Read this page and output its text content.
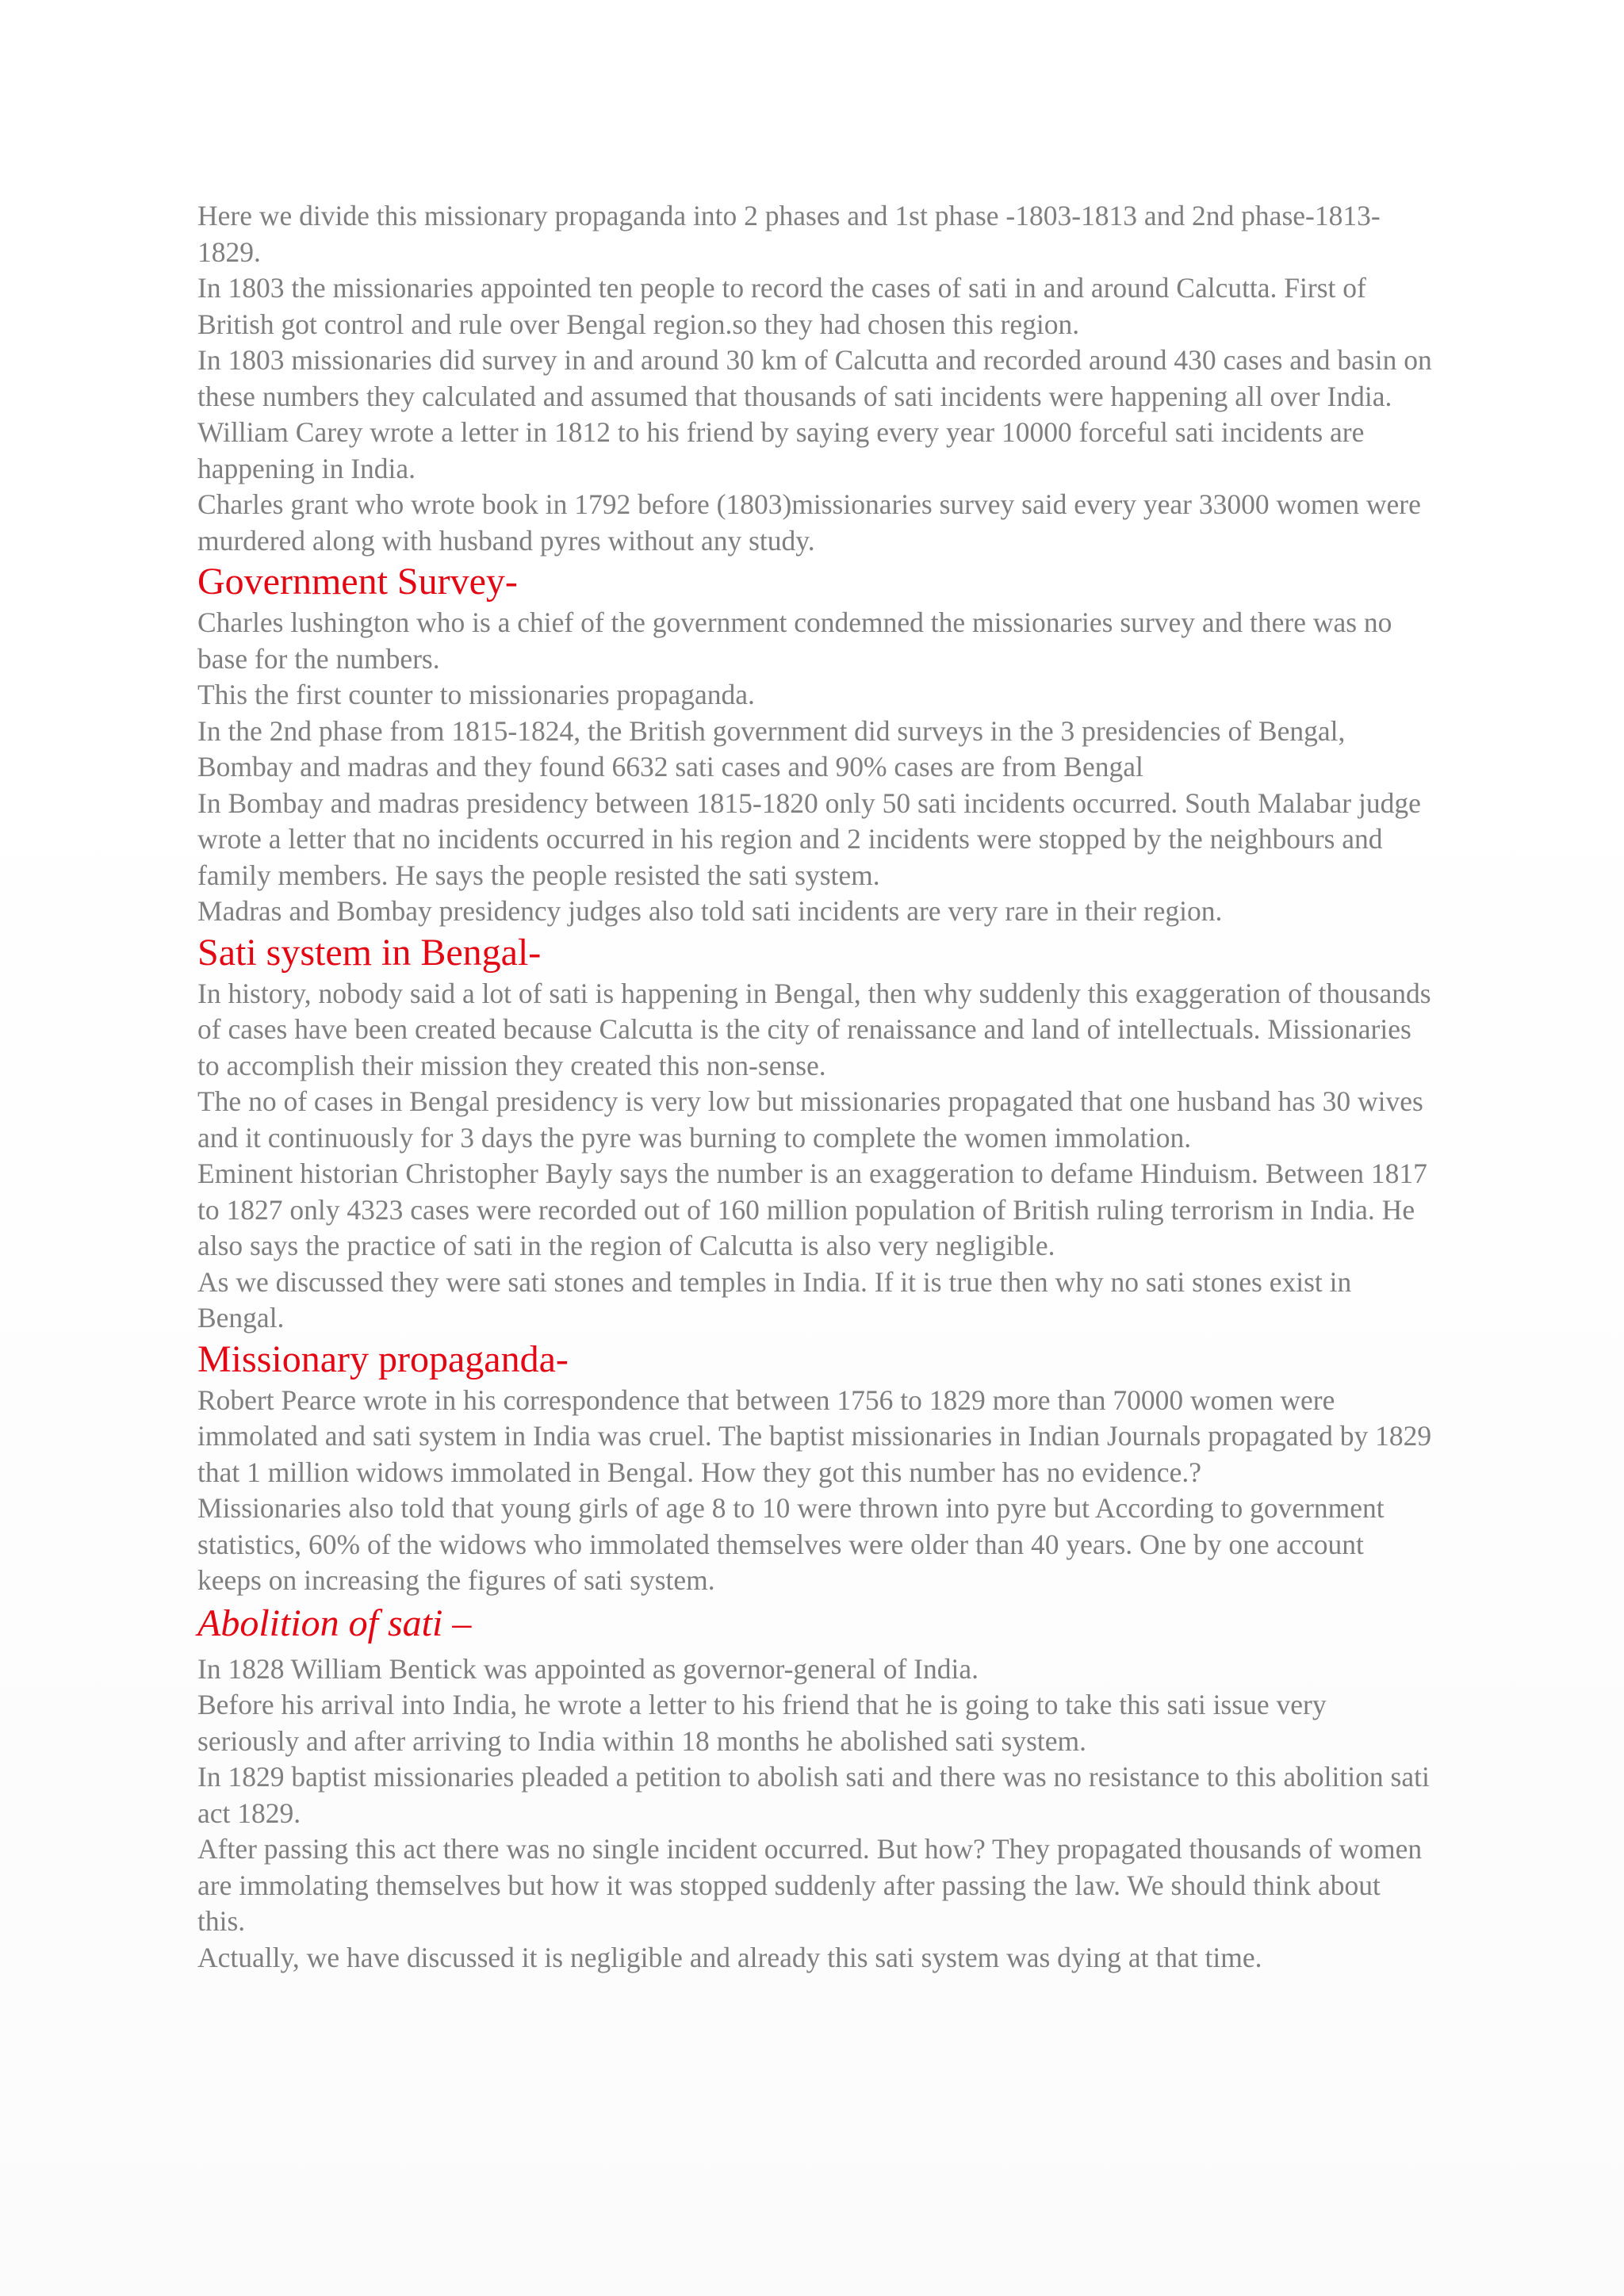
Here we divide this missionary propaganda into 2 phases and 1st phase -1803-1813 and 2nd phase-1813-1829.

In 1803 the missionaries appointed ten people to record the cases of sati in and around Calcutta. First of British got control and rule over Bengal region.so they had chosen this region.

In 1803 missionaries did survey in and around 30 km of Calcutta and recorded around 430 cases and basin on these numbers they calculated and assumed that thousands of sati incidents were happening all over India. William Carey wrote a letter in 1812 to his friend by saying every year 10000 forceful sati incidents are happening in India.

Charles grant who wrote book in 1792 before (1803)missionaries survey said every year 33000 women were murdered along with husband pyres without any study.

Government Survey-

Charles lushington who is a chief of the government condemned the missionaries survey and there was no base for the numbers.

This the first counter to missionaries propaganda.

In the 2nd phase from 1815-1824, the British government did surveys in the 3 presidencies of Bengal, Bombay and madras and they found 6632 sati cases and 90% cases are from Bengal

In Bombay and madras presidency between 1815-1820 only 50 sati incidents occurred. South Malabar judge wrote a letter that no incidents occurred in his region and 2 incidents were stopped by the neighbours and family members. He says the people resisted the sati system.

Madras and Bombay presidency judges also told sati incidents are very rare in their region.

Sati system in Bengal-

In history, nobody said a lot of sati is happening in Bengal, then why suddenly this exaggeration of thousands of cases have been created because Calcutta is the city of renaissance and land of intellectuals. Missionaries to accomplish their mission they created this non-sense.

The no of cases in Bengal presidency is very low but missionaries propagated that one husband has 30 wives and it continuously for 3 days the pyre was burning to complete the women immolation.

Eminent historian Christopher Bayly says the number is an exaggeration to defame Hinduism. Between 1817 to 1827 only 4323 cases were recorded out of 160 million population of British ruling terrorism in India. He also says the practice of sati in the region of Calcutta is also very negligible.

As we discussed they were sati stones and temples in India. If it is true then why no sati stones exist in Bengal.

Missionary propaganda-

Robert Pearce wrote in his correspondence that between 1756 to 1829 more than 70000 women were immolated and sati system in India was cruel. The baptist missionaries in Indian Journals propagated by 1829 that 1 million widows immolated in Bengal. How they got this number has no evidence.?

Missionaries also told that young girls of age 8 to 10 were thrown into pyre but According to government statistics, 60% of the widows who immolated themselves were older than 40 years. One by one account keeps on increasing the figures of sati system.

Abolition of sati –

In 1828 William Bentick was appointed as governor-general of India.

Before his arrival into India, he wrote a letter to his friend that he is going to take this sati issue very seriously and after arriving to India within 18 months he abolished sati system.

In 1829 baptist missionaries pleaded a petition to abolish sati and there was no resistance to this abolition sati act 1829.

After passing this act there was no single incident occurred. But how? They propagated thousands of women are immolating themselves but how it was stopped suddenly after passing the law. We should think about this.

Actually, we have discussed it is negligible and already this sati system was dying at that time.
